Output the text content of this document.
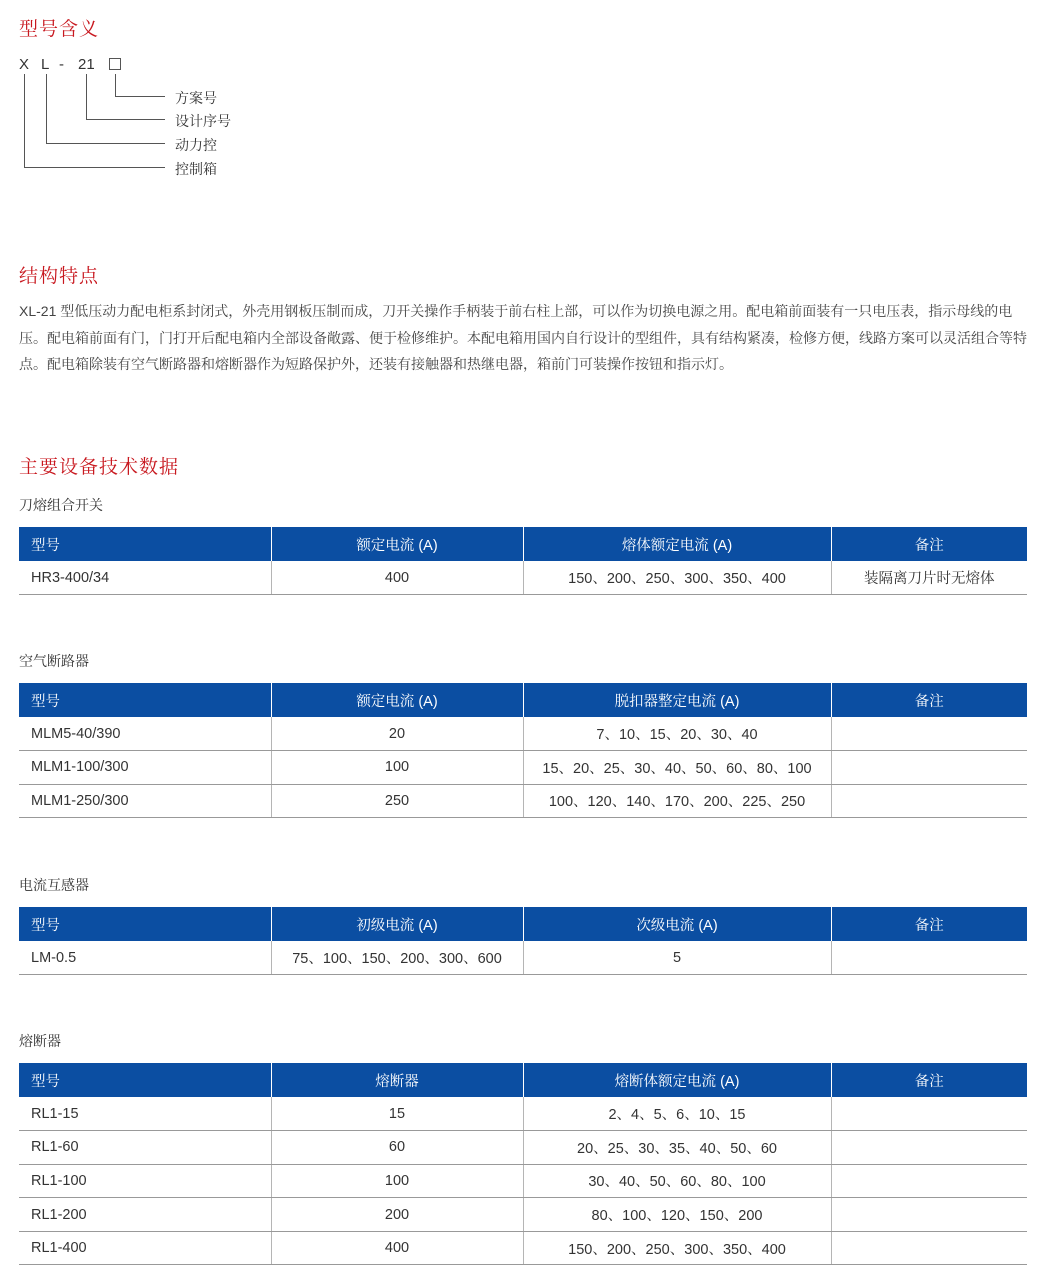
型号含义
X L - 21
方案号
设计序号
动力控
控制箱
结构特点

XL-21 型低压动力配电柜系封闭式，外壳用钢板压制而成，刀开关操作手柄装于前右柱上部，可以作为切换电源之用。配电箱前面装有一只电压表，指示母线的电压。配电箱前面有门，门打开后配电箱内全部设备敞露、便于检修维护。本配电箱用国内自行设计的型组件，具有结构紧凑，检修方便，线路方案可以灵活组合等特点。配电箱除装有空气断路器和熔断器作为短路保护外，还装有接触器和热继电器，箱前门可装操作按钮和指示灯。

主要设备技术数据
刀熔组合开关
型号	额定电流 (A)	熔体额定电流 (A)	备注
HR3-400/34	400	150、200、250、300、350、400	装隔离刀片时无熔体
空气断路器
型号	额定电流 (A)	脱扣器整定电流 (A)	备注
MLM5-40/390	20	7、10、15、20、30、40	
MLM1-100/300	100	15、20、25、30、40、50、60、80、100	
MLM1-250/300	250	100、120、140、170、200、225、250	
电流互感器
型号	初级电流 (A)	次级电流 (A)	备注
LM-0.5	75、100、150、200、300、600	5	
熔断器
型号	熔断器	熔断体额定电流 (A)	备注
RL1-15	15	2、4、5、6、10、15	
RL1-60	60	20、25、30、35、40、50、60	
RL1-100	100	30、40、50、60、80、100	
RL1-200	200	80、100、120、150、200	
RL1-400	400	150、200、250、300、350、400	
